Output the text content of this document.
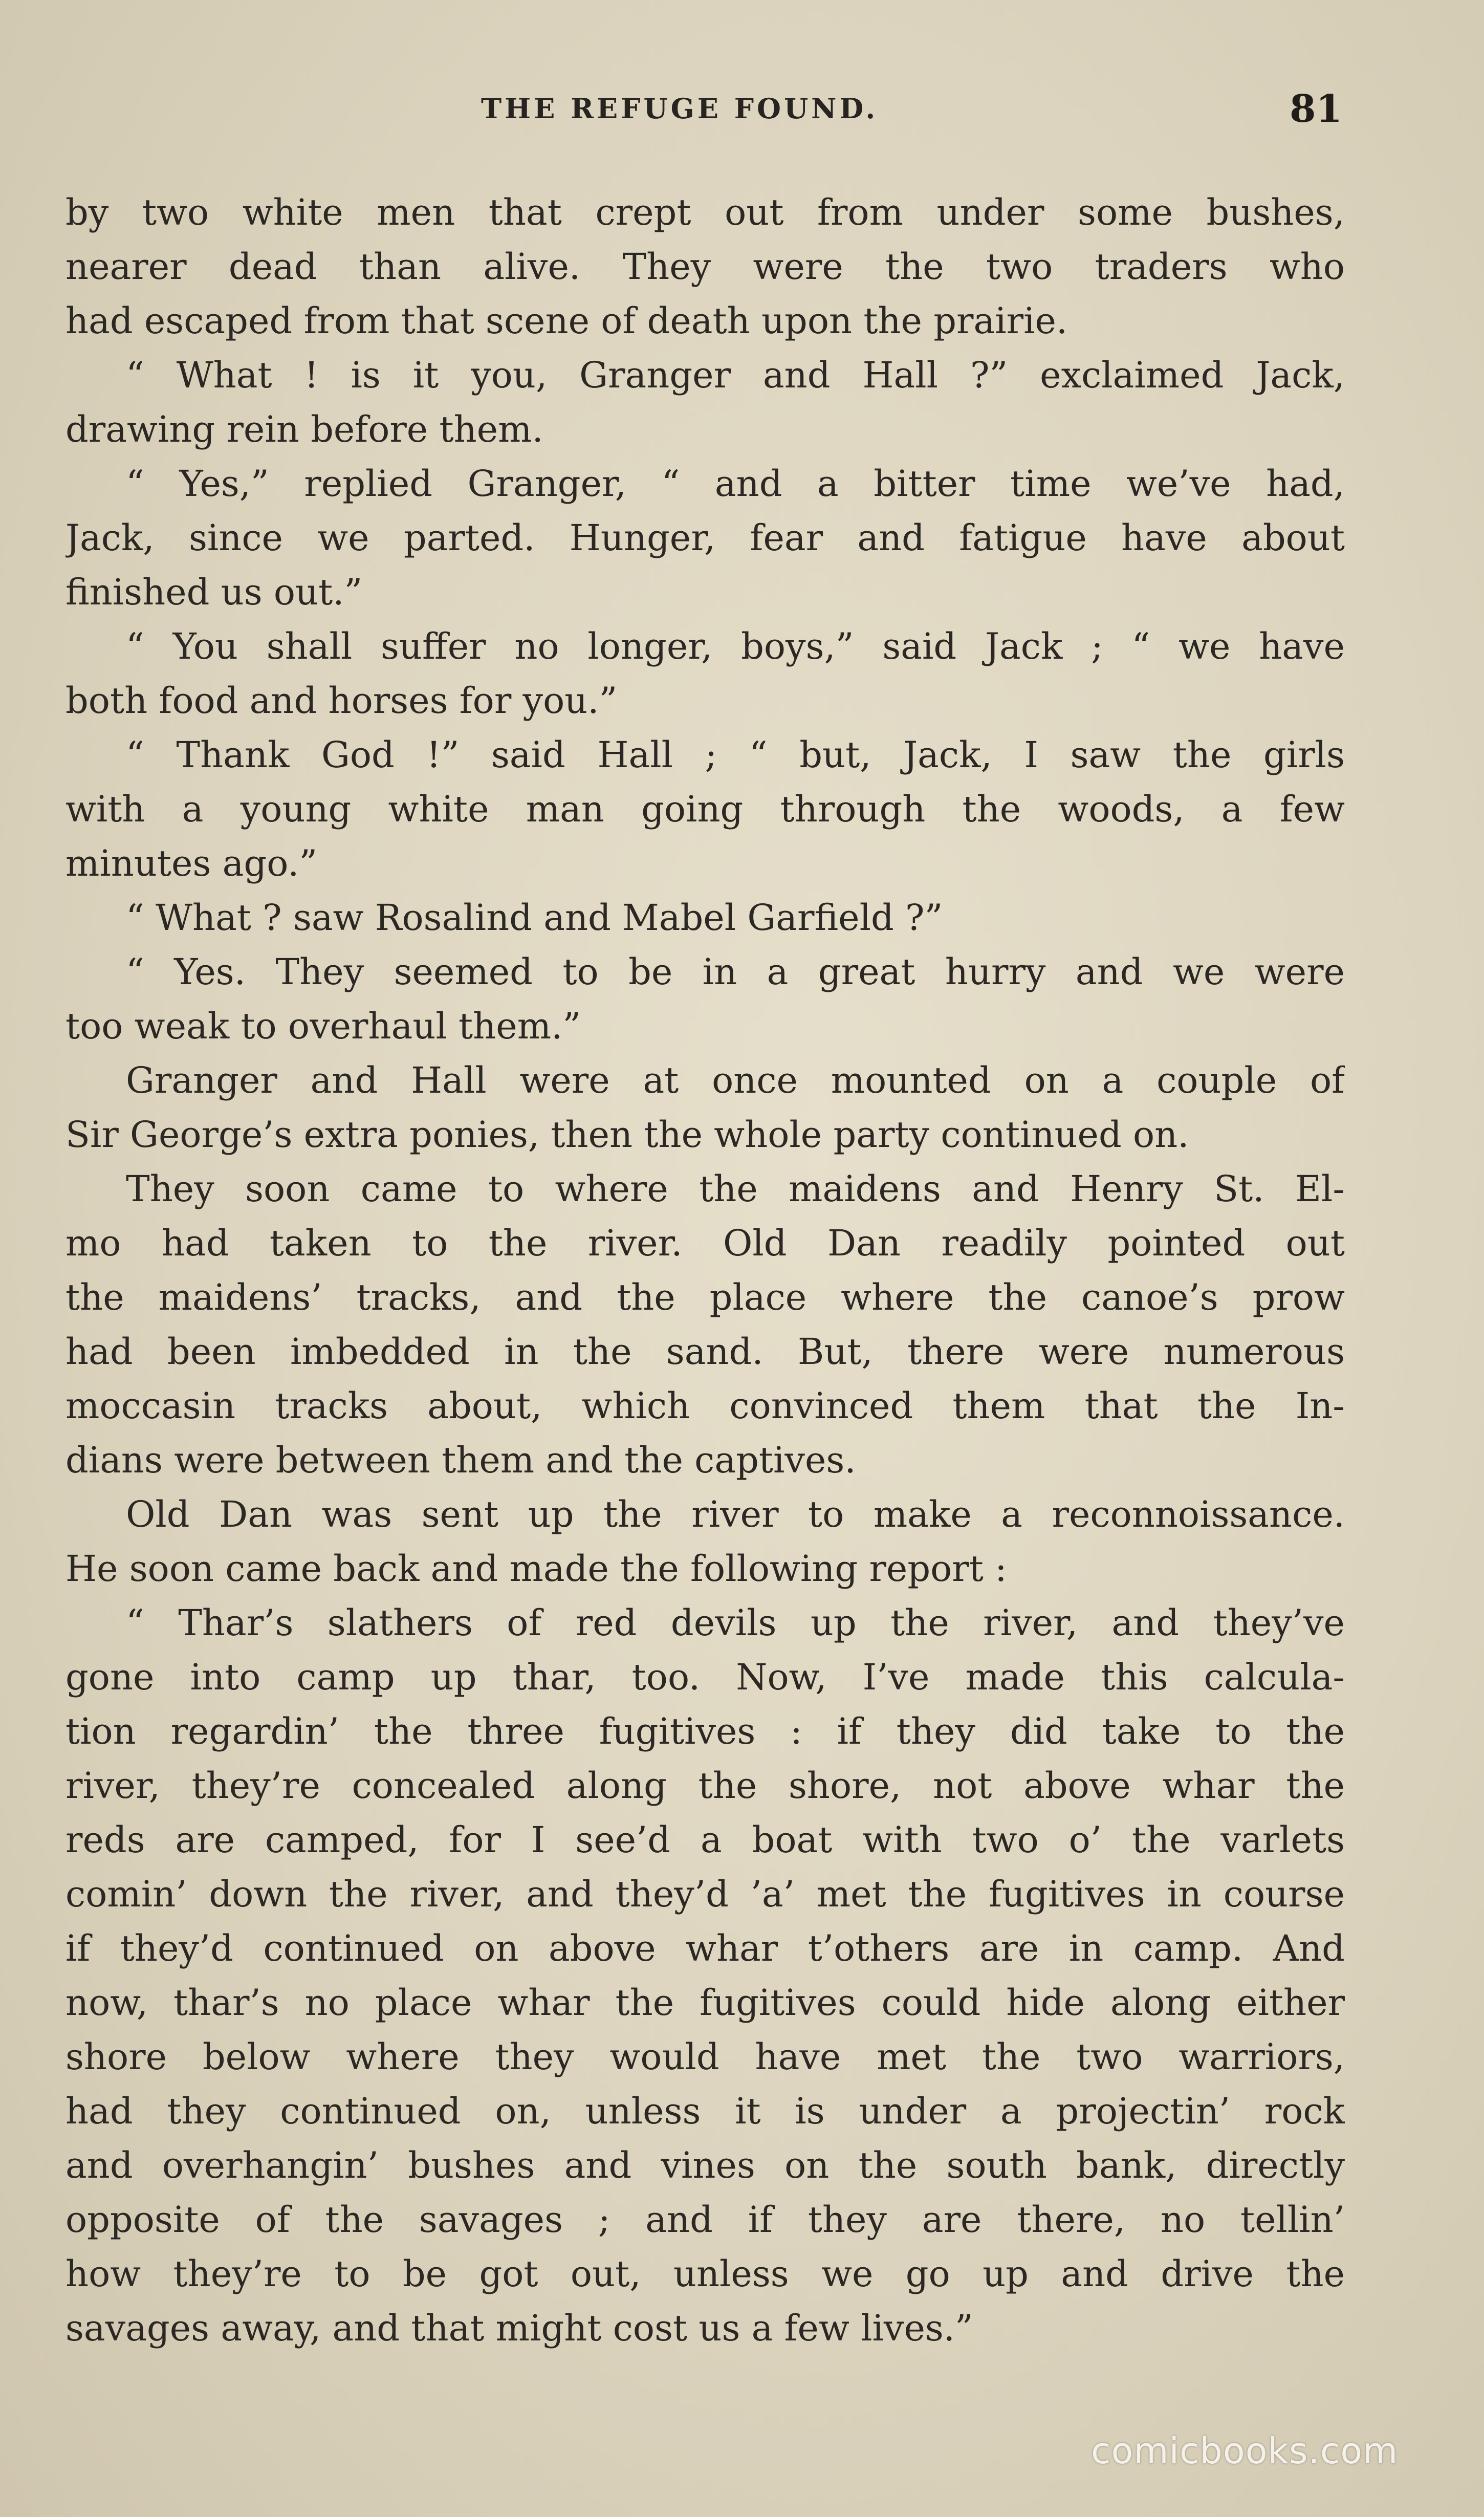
THE REFUGE FOUND.	81
by two white men that crept out from under some bushes,
nearer dead than alive. They were the two traders who
had escaped from that scene of death upon the prairie.
“ What ! is it you, Granger and Hall ?” exclaimed Jack,
drawing rein before them.
“ Yes,” replied Granger, “ and a bitter time we’ve had,
Jack, since we parted. Hunger, fear and fatigue have about
finished us out.”
“ You shall suffer no longer, boys,” said Jack ; “ we have
both food and horses for you.”
“ Thank God !” said Hall ; “ but, Jack, I saw the girls
with a young white man going through the woods, a few
minutes ago.”
“ What ? saw Rosalind and Mabel Garfield ?”
“ Yes. They seemed to be in a great hurry and we were
too weak to overhaul them.”
Granger and Hall were at once mounted on a couple of
Sir George’s extra ponies, then the whole party continued on.
They soon came to where the maidens and Henry St. El-
mo had taken to the river. Old Dan readily pointed out
the maidens’ tracks, and the place where the canoe’s prow
had been imbedded in the sand. But, there were numerous
moccasin tracks about, which convinced them that the In-
dians were between them and the captives.
Old Dan was sent up the river to make a reconnoissance.
He soon came back and made the following report :
“ Thar’s slathers of red devils up the river, and they’ve
gone into camp up thar, too. Now, I’ve made this calcula-
tion regardin’ the three fugitives : if they did take to the
river, they’re concealed along the shore, not above whar the
reds are camped, for I see’d a boat with two o’ the varlets
comin’ down the river, and they’d ’a’ met the fugitives in course
if they’d continued on above whar t’others are in camp. And
now, thar’s no place whar the fugitives could hide along either
shore below where they would have met the two warriors,
had they continued on, unless it is under a projectin’ rock
and overhangin’ bushes and vines on the south bank, directly
opposite of the savages ; and if they are there, no tellin’
how they’re to be got out, unless we go up and drive the
savages away, and that might cost us a few lives.”
comicbooks.com
